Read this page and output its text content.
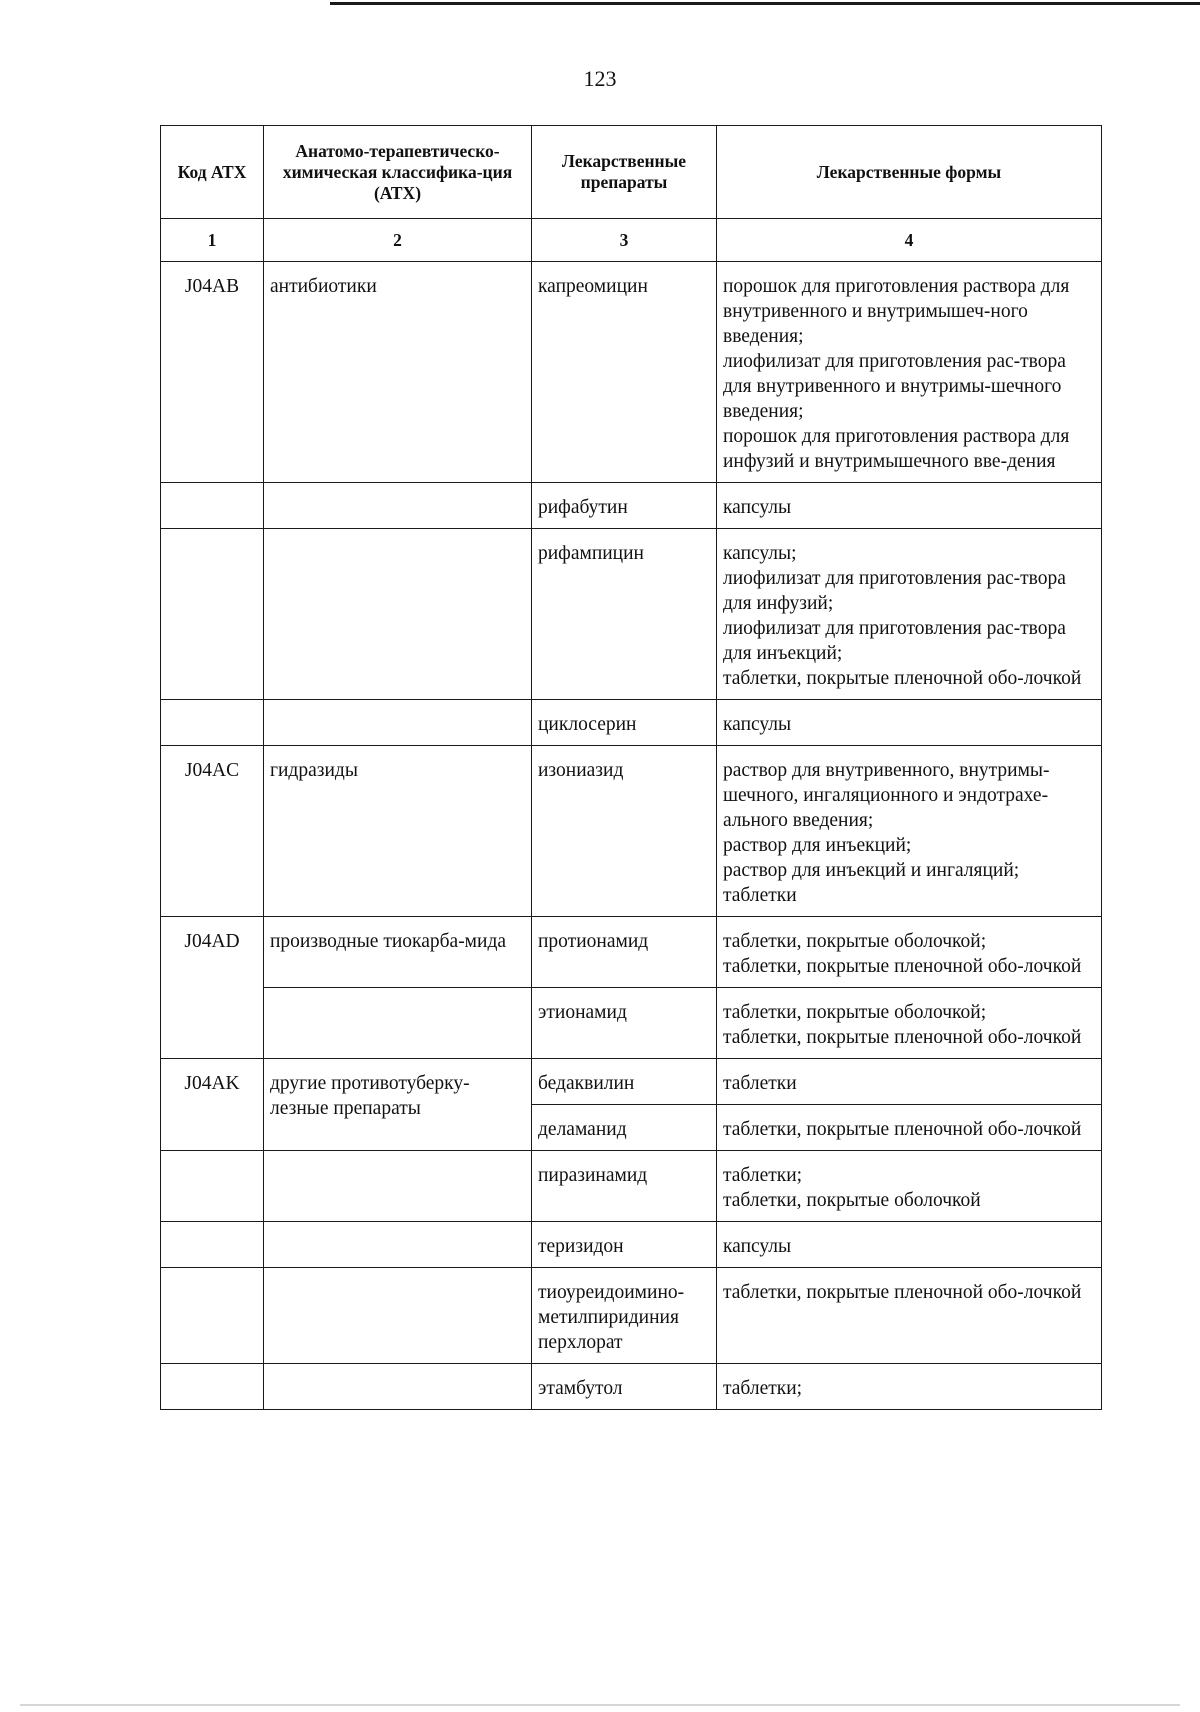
123
Код АТХ	Анатомо-терапевтическо-химическая классифика-ция (АТХ)	Лекарственные препараты	Лекарственные формы
1	2	3	4
J04AB	антибиотики	капреомицин	порошок для приготовления раствора для внутривенного и внутримышеч-ного введения;
лиофилизат для приготовления рас-твора для внутривенного и внутримы-шечного введения;
порошок для приготовления раствора для инфузий и внутримышечного вве-дения

		рифабутин	капсулы

		рифампицин	капсулы;
лиофилизат для приготовления рас-твора для инфузий;
лиофилизат для приготовления рас-твора для инъекций;
таблетки, покрытые пленочной обо-лочкой

		циклосерин	капсулы

J04AC	гидразиды	изониазид	раствор для внутривенного, внутримы-шечного, ингаляционного и эндотрахе-ального введения;
раствор для инъекций;
раствор для инъекций и ингаляций;
таблетки

J04AD	производные тиокарба-мида	протионамид	таблетки, покрытые оболочкой;
таблетки, покрытые пленочной обо-лочкой

		этионамид	таблетки, покрытые оболочкой;
таблетки, покрытые пленочной обо-лочкой

J04AK	другие противотуберку-лезные препараты	бедаквилин	таблетки

		деламанид	таблетки, покрытые пленочной обо-лочкой

		пиразинамид	таблетки;
таблетки, покрытые оболочкой

		теризидон	капсулы

		тиоуреидоимино-метилпиридиния перхлорат	таблетки, покрытые пленочной обо-лочкой

		этамбутол	таблетки;
